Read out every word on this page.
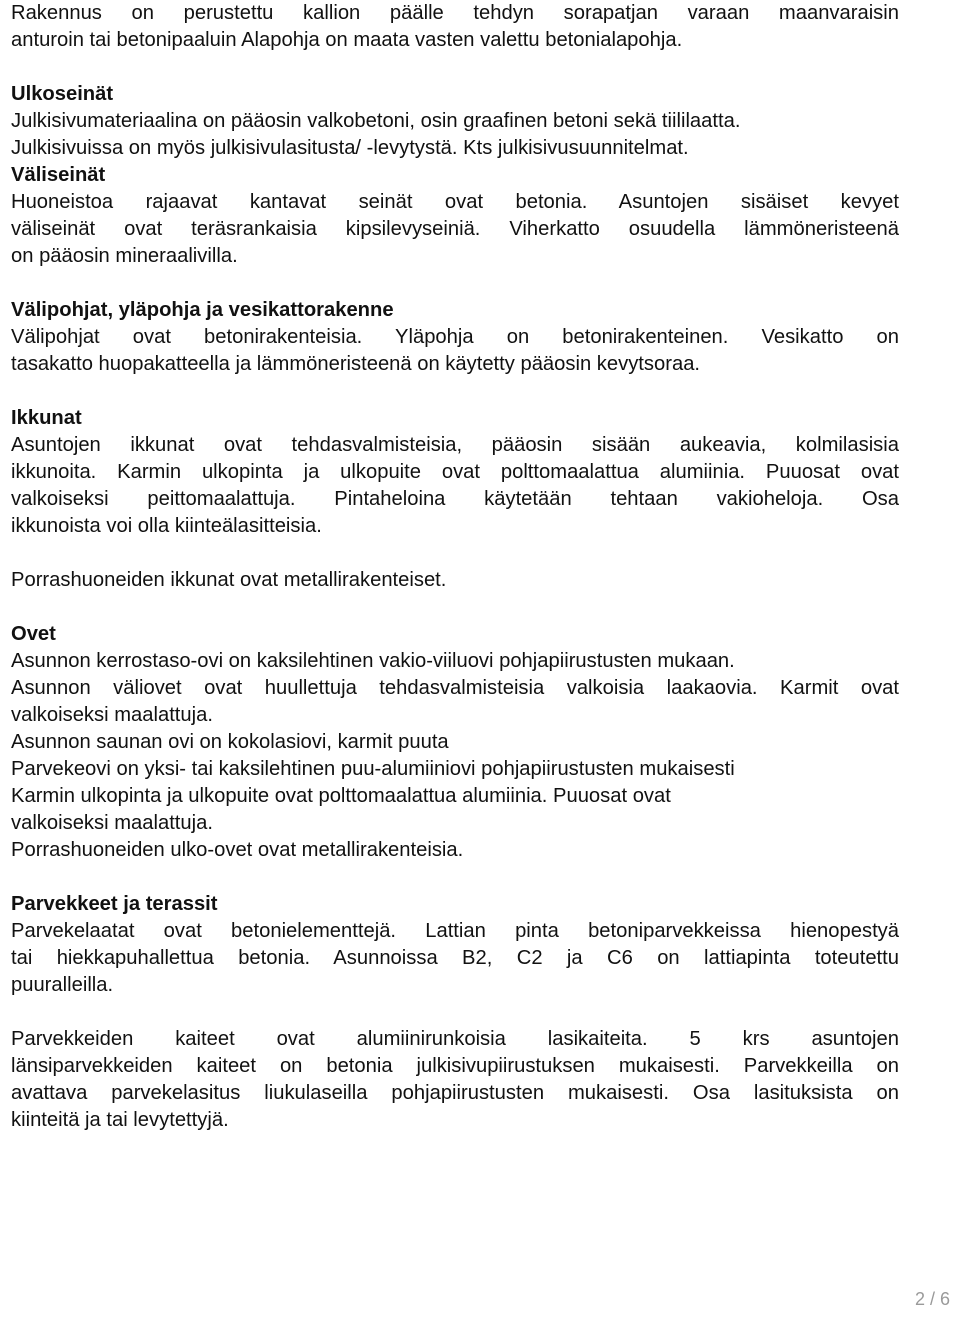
Rakennus on perustettu kallion päälle tehdyn sorapatjan varaan maanvaraisin
anturoin tai betonipaaluin Alapohja on maata vasten valettu betonialapohja.
Ulkoseinät
Julkisivumateriaalina on pääosin valkobetoni, osin graafinen betoni sekä tiililaatta.
Julkisivuissa on myös julkisivulasitusta/ -levytystä. Kts julkisivusuunnitelmat.
Väliseinät
Huoneistoa rajaavat kantavat seinät ovat betonia. Asuntojen sisäiset kevyet
väliseinät ovat teräsrankaisia kipsilevyseiniä. Viherkatto osuudella lämmöneristeenä
on pääosin mineraalivilla.
Välipohjat, yläpohja ja vesikattorakenne
Välipohjat ovat betonirakenteisia. Yläpohja on betonirakenteinen. Vesikatto on
tasakatto huopakatteella ja lämmöneristeenä on käytetty pääosin kevytsoraa.
Ikkunat
Asuntojen ikkunat ovat tehdasvalmisteisia, pääosin sisään aukeavia, kolmilasisia
ikkunoita. Karmin ulkopinta ja ulkopuite ovat polttomaalattua alumiinia. Puuosat ovat
valkoiseksi peittomaalattuja. Pintaheloina käytetään tehtaan vakioheloja. Osa
ikkunoista voi olla kiinteälasitteisia.
Porrashuoneiden ikkunat ovat metallirakenteiset.
Ovet
Asunnon kerrostaso-ovi on kaksilehtinen vakio-viiluovi pohjapiirustusten mukaan.
Asunnon väliovet ovat huullettuja tehdasvalmisteisia valkoisia laakaovia. Karmit ovat
valkoiseksi maalattuja.
Asunnon saunan ovi on kokolasiovi, karmit puuta
Parvekeovi on yksi- tai kaksilehtinen puu-alumiiniovi pohjapiirustusten mukaisesti
Karmin ulkopinta ja ulkopuite ovat polttomaalattua alumiinia. Puuosat ovat
valkoiseksi maalattuja.
Porrashuoneiden ulko-ovet ovat metallirakenteisia.
Parvekkeet ja terassit
Parvekelaatat ovat betonielementtejä. Lattian pinta betoniparvekkeissa hienopestyä
tai hiekkapuhallettua betonia. Asunnoissa B2, C2 ja C6 on lattiapinta toteutettu
puuralleilla.
Parvekkeiden kaiteet ovat alumiinirunkoisia lasikaiteita. 5 krs asuntojen
länsiparvekkeiden kaiteet on betonia julkisivupiirustuksen mukaisesti. Parvekkeilla on
avattava parvekelasitus liukulaseilla pohjapiirustusten mukaisesti. Osa lasituksista on
kiinteitä ja tai levytettyjä.
2 / 6
